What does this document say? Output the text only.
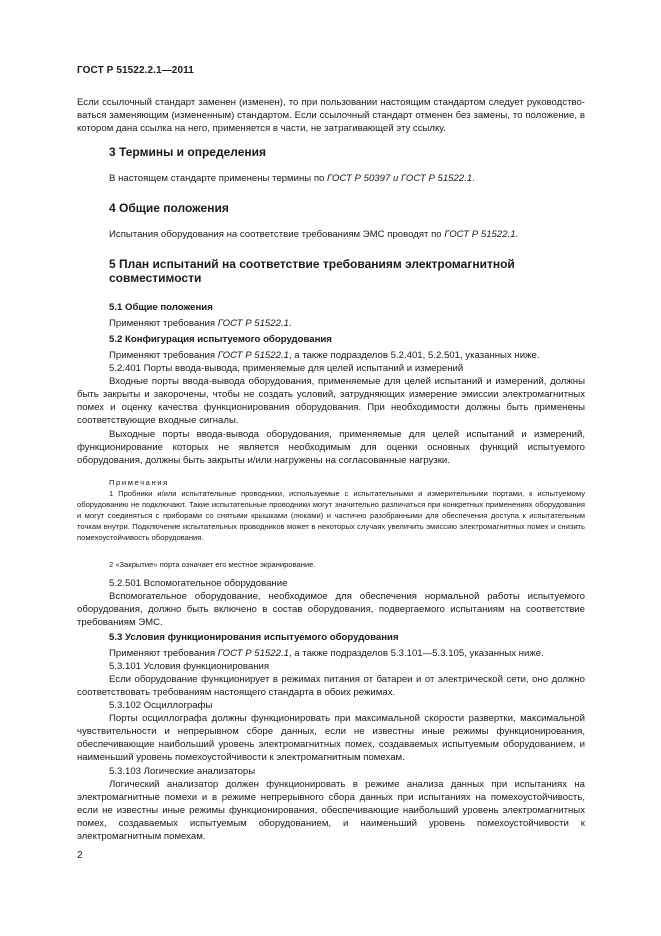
ГОСТ Р 51522.2.1—2011

Если ссылочный стандарт заменен (изменен), то при пользовании настоящим стандартом следует руководствоваться заменяющим (измененным) стандартом. Если ссылочный стандарт отменен без замены, то положение, в котором дана ссылка на него, применяется в части, не затрагивающей эту ссылку.

3 Термины и определения

В настоящем стандарте применены термины по ГОСТ Р 50397 и ГОСТ Р 51522.1.

4 Общие положения

Испытания оборудования на соответствие требованиям ЭМС проводят по ГОСТ Р 51522.1.

5 План испытаний на соответствие требованиям электромагнитной совместимости
5.1 Общие положения

Применяют требования ГОСТ Р 51522.1.

5.2 Конфигурация испытуемого оборудования

Применяют требования ГОСТ Р 51522.1, а также подразделов 5.2.401, 5.2.501, указанных ниже.

5.2.401 Порты ввода-вывода, применяемые для целей испытаний и измерений

Входные порты ввода-вывода оборудования, применяемые для целей испытаний и измерений, должны быть закрыты и закорочены, чтобы не создать условий, затрудняющих измерение эмиссии электромагнитных помех и оценку качества функционирования оборудования. При необходимости должны быть применены соответствующие входные сигналы.

Выходные порты ввода-вывода оборудования, применяемые для целей испытаний и измерений, функционирование которых не является необходимым для оценки основных функций испытуемого оборудования, должны быть закрыты и/или нагружены на согласованные нагрузки.

Примечания

1 Пробники и/или испытательные проводники, используемые с испытательными и измерительными портами, к испытуемому оборудованию не подключают. Такие испытательные проводники могут значительно различаться при конкретных применениях оборудования и могут соединяться с приборами со снятыми крышками (люками) и частично разобранными для обеспечения доступа к испытательным точкам внутри. Подключение испытательных проводников может в некоторых случаях увеличить эмиссию электромагнитных помех и снизить помехоустойчивость оборудования.

2 «Закрытие» порта означает его местное экранирование.

5.2.501 Вспомогательное оборудование

Вспомогательное оборудование, необходимое для обеспечения нормальной работы испытуемого оборудования, должно быть включено в состав оборудования, подвергаемого испытаниям на соответствие требованиям ЭМС.

5.3 Условия функционирования испытуемого оборудования

Применяют требования ГОСТ Р 51522.1, а также подразделов 5.3.101—5.3.105, указанных ниже.

5.3.101 Условия функционирования

Если оборудование функционирует в режимах питания от батареи и от электрической сети, оно должно соответствовать требованиям настоящего стандарта в обоих режимах.

5.3.102 Осциллографы

Порты осциллографа должны функционировать при максимальной скорости развертки, максимальной чувствительности и непрерывном сборе данных, если не известны иные режимы функционирования, обеспечивающие наибольший уровень электромагнитных помех, создаваемых испытуемым оборудованием, и наименьший уровень помехоустойчивости к электромагнитным помехам.

5.3.103 Логические анализаторы

Логический анализатор должен функционировать в режиме анализа данных при испытаниях на электромагнитные помехи и в режиме непрерывного сбора данных при испытаниях на помехоустойчивость, если не известны иные режимы функционирования, обеспечивающие наибольший уровень электромагнитных помех, создаваемых испытуемым оборудованием, и наименьший уровень помехоустойчивости к электромагнитным помехам.

2
